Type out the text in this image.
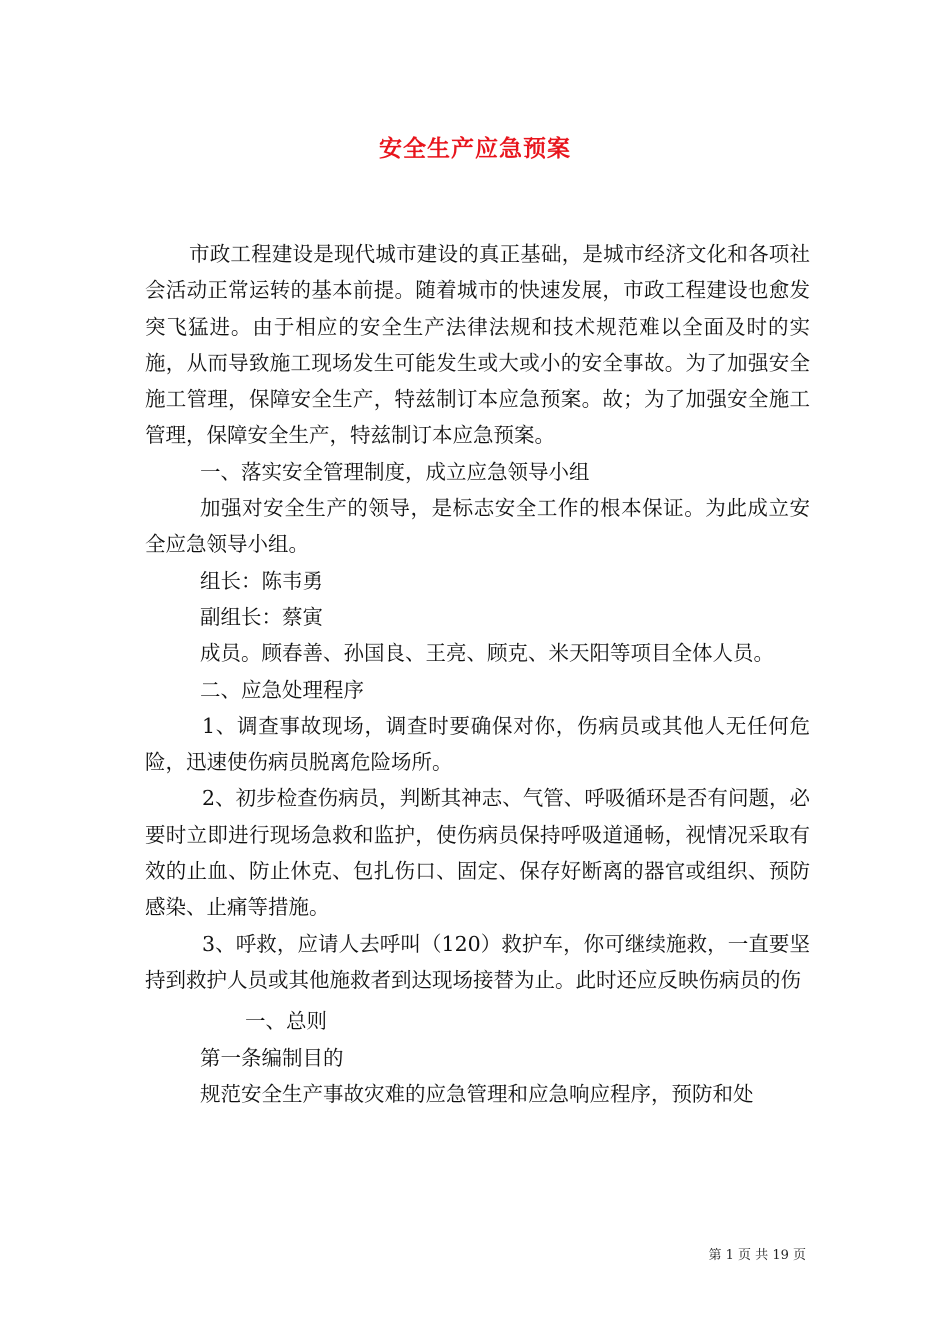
安全生产应急预案

市政工程建设是现代城市建设的真正基础，是城市经济文化和各项社会活动正常运转的基本前提。随着城市的快速发展，市政工程建设也愈发突飞猛进。由于相应的安全生产法律法规和技术规范难以全面及时的实施，从而导致施工现场发生可能发生或大或小的安全事故。为了加强安全施工管理，保障安全生产，特兹制订本应急预案。故；为了加强安全施工管理，保障安全生产，特兹制订本应急预案。

一、落实安全管理制度，成立应急领导小组

加强对安全生产的领导，是标志安全工作的根本保证。为此成立安全应急领导小组。

组长：陈韦勇

副组长：蔡寅

成员。顾春善、孙国良、王亮、顾克、米天阳等项目全体人员。

二、应急处理程序

1、调查事故现场，调查时要确保对你，伤病员或其他人无任何危险，迅速使伤病员脱离危险场所。

2、初步检查伤病员，判断其神志、气管、呼吸循环是否有问题，必要时立即进行现场急救和监护，使伤病员保持呼吸道通畅，视情况采取有效的止血、防止休克、包扎伤口、固定、保存好断离的器官或组织、预防感染、止痛等措施。

3、呼救，应请人去呼叫（120）救护车，你可继续施救，一直要坚持到救护人员或其他施救者到达现场接替为止。此时还应反映伤病员的伤

一、总则

第一条编制目的

规范安全生产事故灾难的应急管理和应急响应程序，预防和处

第 1 页 共 19 页
